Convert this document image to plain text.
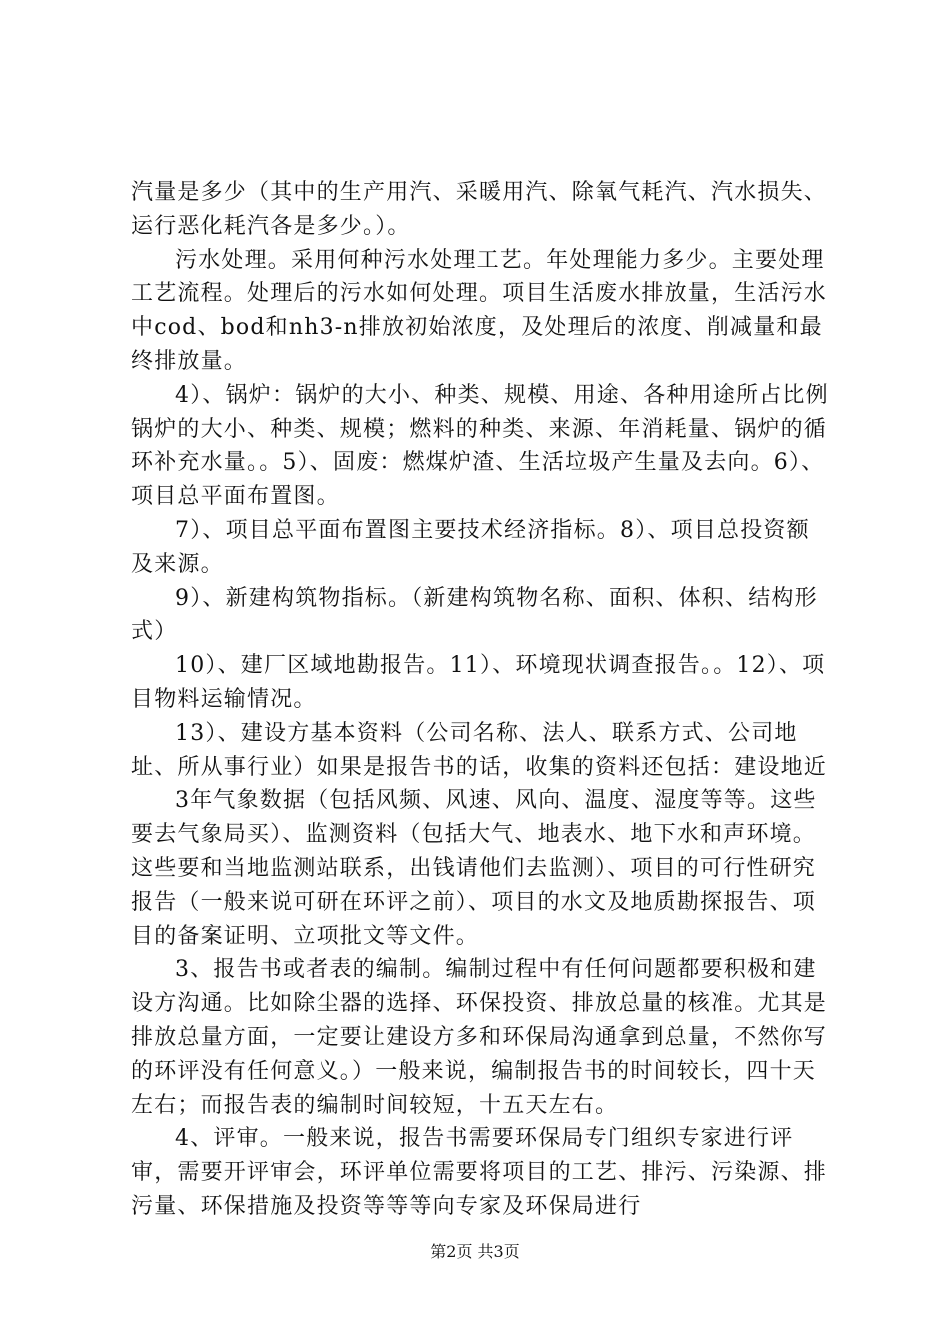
汽量是多少（其中的生产用汽、采暖用汽、除氧气耗汽、汽水损失、运行恶化耗汽各是多少。）。

污水处理。采用何种污水处理工艺。年处理能力多少。主要处理工艺流程。处理后的污水如何处理。项目生活废水排放量，生活污水中cod、bod和nh3-n排放初始浓度，及处理后的浓度、削减量和最终排放量。

4）、锅炉：锅炉的大小、种类、规模、用途、各种用途所占比例锅炉的大小、种类、规模；燃料的种类、来源、年消耗量、锅炉的循环补充水量。。5）、固废：燃煤炉渣、生活垃圾产生量及去向。6）、项目总平面布置图。

7）、项目总平面布置图主要技术经济指标。8）、项目总投资额及来源。

9）、新建构筑物指标。（新建构筑物名称、面积、体积、结构形式）

10）、建厂区域地勘报告。11）、环境现状调查报告。。12）、项目物料运输情况。

13）、建设方基本资料（公司名称、法人、联系方式、公司地址、所从事行业）如果是报告书的话，收集的资料还包括：建设地近

3年气象数据（包括风频、风速、风向、温度、湿度等等。这些要去气象局买）、监测资料（包括大气、地表水、地下水和声环境。这些要和当地监测站联系，出钱请他们去监测）、项目的可行性研究报告（一般来说可研在环评之前）、项目的水文及地质勘探报告、项目的备案证明、立项批文等文件。

3、报告书或者表的编制。编制过程中有任何问题都要积极和建设方沟通。比如除尘器的选择、环保投资、排放总量的核准。尤其是排放总量方面，一定要让建设方多和环保局沟通拿到总量，不然你写的环评没有任何意义。）一般来说，编制报告书的时间较长，四十天左右；而报告表的编制时间较短，十五天左右。

4、评审。一般来说，报告书需要环保局专门组织专家进行评审，需要开评审会，环评单位需要将项目的工艺、排污、污染源、排污量、环保措施及投资等等等向专家及环保局进行

第2页 共3页
